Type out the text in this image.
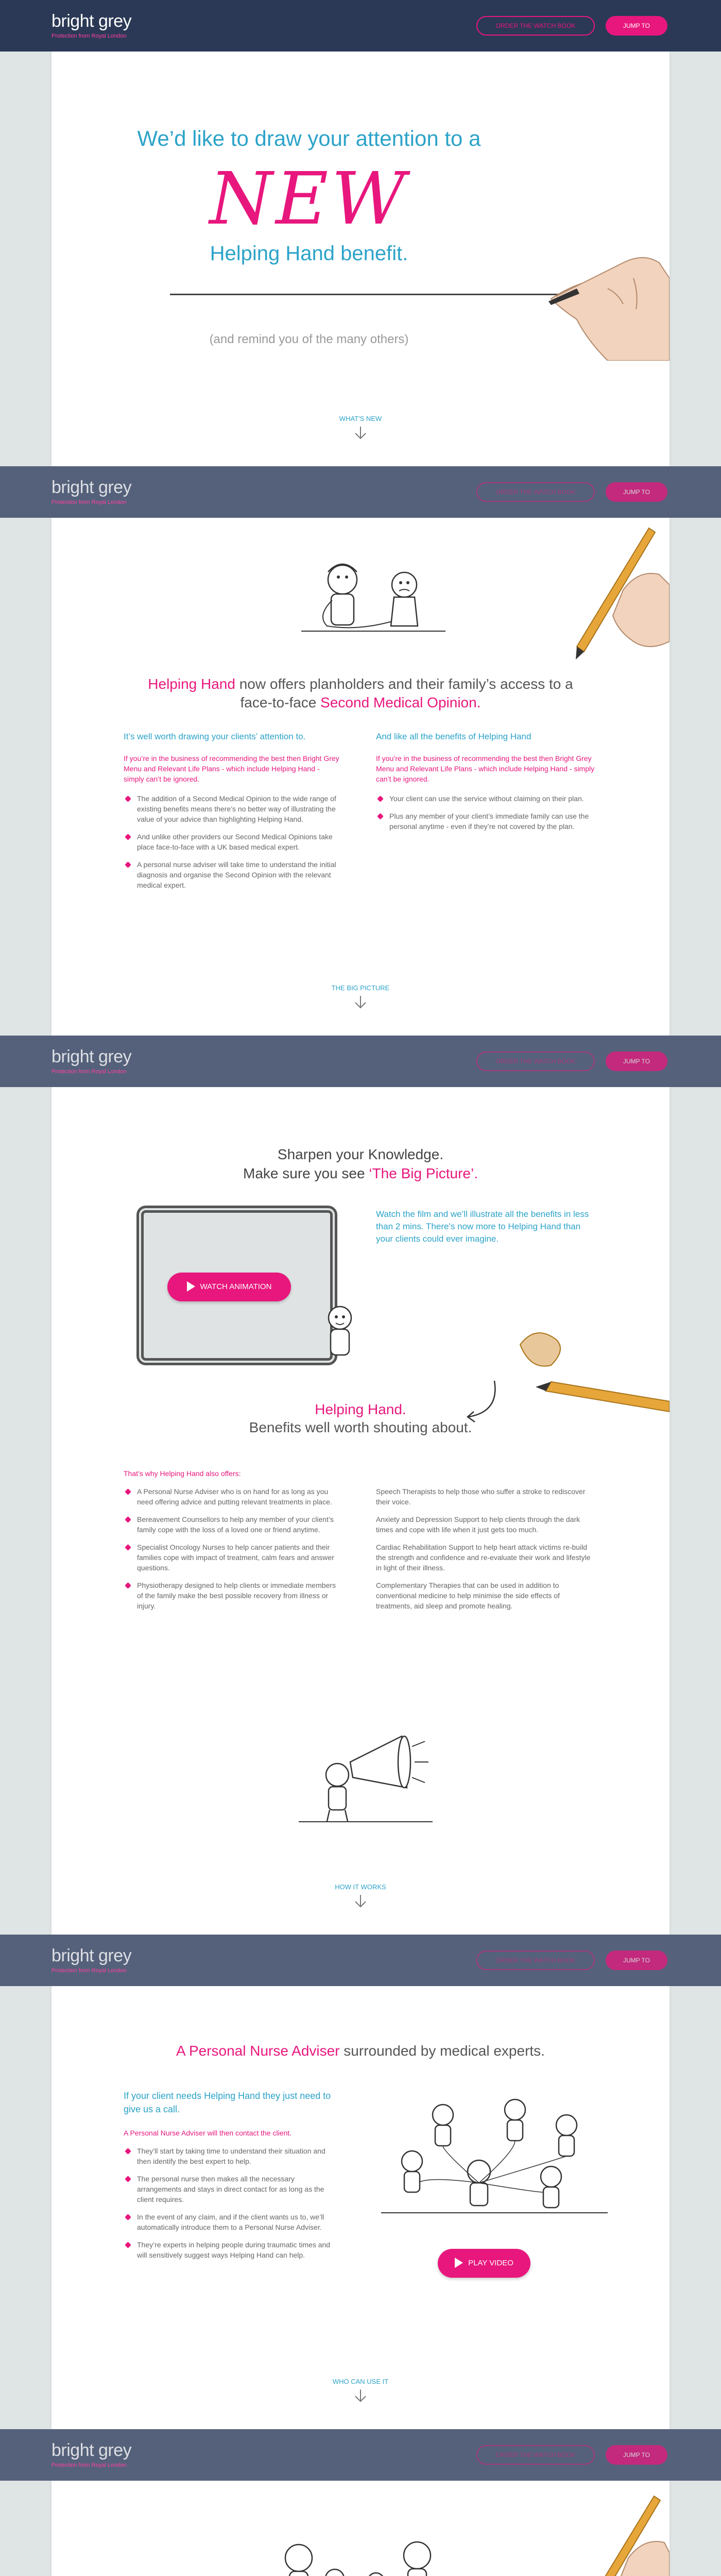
bright grey
Protection from Royal London
ORDER THE WATCH BOOK	JUMP TO
bright grey
Protection from Royal London
ORDER THE WATCH BOOK	JUMP TO
bright grey
Protection from Royal London
ORDER THE WATCH BOOK	JUMP TO
bright grey
Protection from Royal London
ORDER THE WATCH BOOK	JUMP TO
bright grey
Protection from Royal London
ORDER THE WATCH BOOK	JUMP TO
We’d like to draw your attention to a
NEW
Helping Hand benefit.
(and remind you of the many others)
WHAT'S NEW
Helping Hand now offers planholders and their family’s access to a face-to-face Second Medical Opinion.
It’s well worth drawing your clients’ attention to.
If you’re in the business of recommending the best then Bright Grey Menu and Relevant Life Plans - which include Helping Hand - simply can’t be ignored.
The addition of a Second Medical Opinion to the wide range of existing benefits means there’s no better way of illustrating the value of your advice than highlighting Helping Hand.
And unlike other providers our Second Medical Opinions take place face-to-face with a UK based medical expert.
A personal nurse adviser will take time to understand the initial diagnosis and organise the Second Opinion with the relevant medical expert.
And like all the benefits of Helping Hand
If you’re in the business of recommending the best then Bright Grey Menu and Relevant Life Plans - which include Helping Hand - simply can’t be ignored.
Your client can use the service without claiming on their plan.
Plus any member of your client’s immediate family can use the personal anytime - even if they’re not covered by the plan.
THE BIG PICTURE
Sharpen your Knowledge.
Make sure you see ‘The Big Picture’.
Watch the film and we’ll illustrate all the benefits in less than 2 mins. There’s now more to Helping Hand than your clients could ever imagine.
WATCH ANIMATION
Helping Hand.
Benefits well worth shouting about.
That’s why Helping Hand also offers:
A Personal Nurse Adviser who is on hand for as long as you need offering advice and putting relevant treatments in place.
Bereavement Counsellors to help any member of your client’s family cope with the loss of a loved one or friend anytime.
Specialist Oncology Nurses to help cancer patients and their families cope with impact of treatment, calm fears and answer questions.
Physiotherapy designed to help clients or immediate members of the family make the best possible recovery from illness or injury.
Speech Therapists to help those who suffer a stroke to rediscover their voice.
Anxiety and Depression Support to help clients through the dark times and cope with life when it just gets too much.
Cardiac Rehabilitation Support to help heart attack victims re-build the strength and confidence and re-evaluate their work and lifestyle in light of their illness.
Complementary Therapies that can be used in addition to conventional medicine to help minimise the side effects of treatments, aid sleep and promote healing.
HOW IT WORKS
A Personal Nurse Adviser surrounded by medical experts.
If your client needs Helping Hand they just need to give us a call.
A Personal Nurse Adviser will then contact the client.
They’ll start by taking time to understand their situation and then identify the best expert to help.
The personal nurse then makes all the necessary arrangements and stays in direct contact for as long as the client requires.
In the event of any claim, and if the client wants us to, we’ll automatically introduce them to a Personal Nurse Adviser.
They’re experts in helping people during traumatic times and will sensitively suggest ways Helping Hand can help.
PLAY VIDEO
WHO CAN USE IT
